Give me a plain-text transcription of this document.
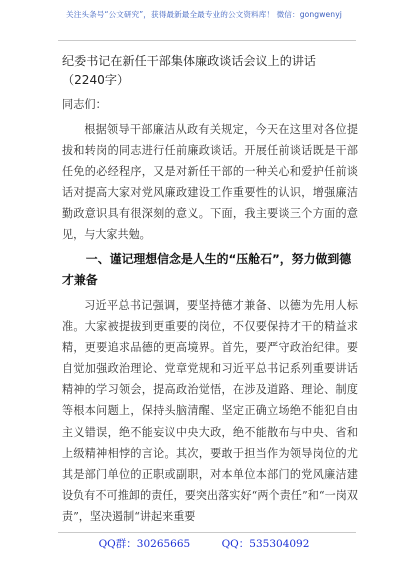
关注头条号“公文研究”，获得最新最全最专业的公文资料库！ 微信：gongwenyj
纪委书记在新任干部集体廉政谈话会议上的讲话（2240字）
同志们：

根据领导干部廉洁从政有关规定，今天在这里对各位提拔和转岗的同志进行任前廉政谈话。开展任前谈话既是干部任免的必经程序，又是对新任干部的一种关心和爱护任前谈话对提高大家对党风廉政建设工作重要性的认识，增强廉洁勤政意识具有很深刻的意义。下面，我主要谈三个方面的意见，与大家共勉。

一、谨记理想信念是人生的“压舱石”，努力做到德才兼备

习近平总书记强调，要坚持德才兼备、以德为先用人标准。大家被提拔到更重要的岗位，不仅要保持才干的精益求精，更要追求品德的更高境界。首先，要严守政治纪律。要自觉加强政治理论、党章党规和习近平总书记系列重要讲话精神的学习领会，提高政治觉悟，在涉及道路、理论、制度等根本问题上，保持头脑清醒、坚定正确立场绝不能犯自由主义错误，绝不能妄议中央大政，绝不能散布与中央、省和上级精神相悖的言论。其次，要敢于担当作为领导岗位的尤其是部门单位的正职或副职，对本单位本部门的党风廉洁建设负有不可推卸的责任，要突出落实好“两个责任”和“一岗双责”，坚决遏制“讲起来重要

QQ群：30265665	QQ：535304092
